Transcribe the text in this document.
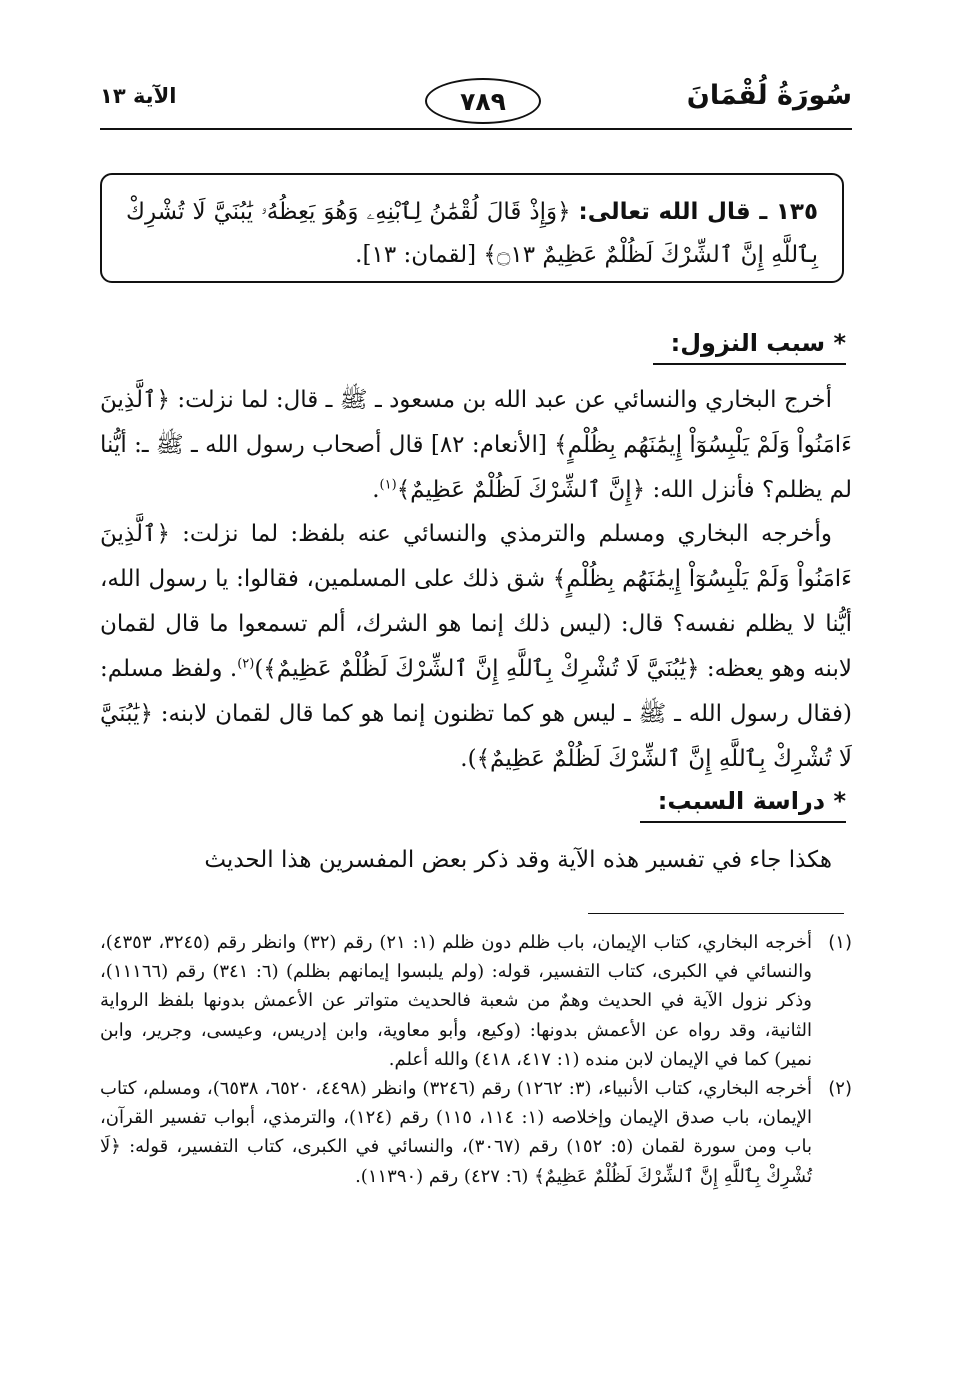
سُورَةُ لُقْمَانَ
٧٨٩
الآية ١٣
١٣٥ ـ قال الله تعالى: ﴿وَإِذْ قَالَ لُقْمَٰنُ لِٱبْنِهِۦ وَهُوَ يَعِظُهُۥ يَٰبُنَيَّ لَا تُشْرِكْ بِٱللَّهِ إِنَّ ٱلشِّرْكَ لَظُلْمٌ عَظِيمٌ ۝١٣﴾ [لقمان: ١٣].
* سبب النزول:

أخرج البخاري والنسائي عن عبد الله بن مسعود ـ ﷺ ـ قال: لما نزلت: ﴿ٱلَّذِينَ ءَامَنُواْ وَلَمْ يَلْبِسُوٓاْ إِيمَٰنَهُم بِظُلْمٍ﴾ [الأنعام: ٨٢] قال أصحاب رسول الله ـ ﷺ ـ: أيُّنا لم يظلم؟ فأنزل الله: ﴿إِنَّ ٱلشِّرْكَ لَظُلْمٌ عَظِيمٌ﴾$^{(١)}$.

وأخرجه البخاري ومسلم والترمذي والنسائي عنه بلفظ: لما نزلت: ﴿ٱلَّذِينَ ءَامَنُواْ وَلَمْ يَلْبِسُوٓاْ إِيمَٰنَهُم بِظُلْمٍ﴾ شق ذلك على المسلمين، فقالوا: يا رسول الله، أيُّنا لا يظلم نفسه؟ قال: (ليس ذلك إنما هو الشرك، ألم تسمعوا ما قال لقمان لابنه وهو يعظه: ﴿يَٰبُنَيَّ لَا تُشْرِكْ بِٱللَّهِ إِنَّ ٱلشِّرْكَ لَظُلْمٌ عَظِيمٌ﴾)$^{(٢)}$. ولفظ مسلم: (فقال رسول الله ـ ﷺ ـ ليس هو كما تظنون إنما هو كما قال لقمان لابنه: ﴿يَٰبُنَيَّ لَا تُشْرِكْ بِٱللَّهِ إِنَّ ٱلشِّرْكَ لَظُلْمٌ عَظِيمٌ﴾).

* دراسة السبب:

هكذا جاء في تفسير هذه الآية وقد ذكر بعض المفسرين هذا الحديث

(١)
أخرجه البخاري، كتاب الإيمان، باب ظلم دون ظلم (١: ٢١) رقم (٣٢) وانظر رقم (٣٢٤٥، ٤٣٥٣)، والنسائي في الكبرى، كتاب التفسير، قوله: (ولم يلبسوا إيمانهم بظلم) (٦: ٣٤١) رقم (١١١٦٦)، وذكر نزول الآية في الحديث وهمٌ من شعبة فالحديث متواتر عن الأعمش بدونها بلفظ الرواية الثانية، وقد رواه عن الأعمش بدونها: (وكيع، وأبو معاوية، وابن إدريس، وعيسى، وجرير، وابن نمير) كما في الإيمان لابن منده (١: ٤١٧، ٤١٨) والله أعلم.
(٢)
أخرجه البخاري، كتاب الأنبياء، (٣: ١٢٦٢) رقم (٣٢٤٦) وانظر (٤٤٩٨، ٦٥٢٠، ٦٥٣٨)، ومسلم، كتاب الإيمان، باب صدق الإيمان وإخلاصه (١: ١١٤، ١١٥) رقم (١٢٤)، والترمذي، أبواب تفسير القرآن، باب ومن سورة لقمان (٥: ١٥٢) رقم (٣٠٦٧)، والنسائي في الكبرى، كتاب التفسير، قوله: ﴿لَا تُشْرِكْ بِٱللَّهِ إِنَّ ٱلشِّرْكَ لَظُلْمٌ عَظِيمٌ﴾ (٦: ٤٢٧) رقم (١١٣٩٠).
